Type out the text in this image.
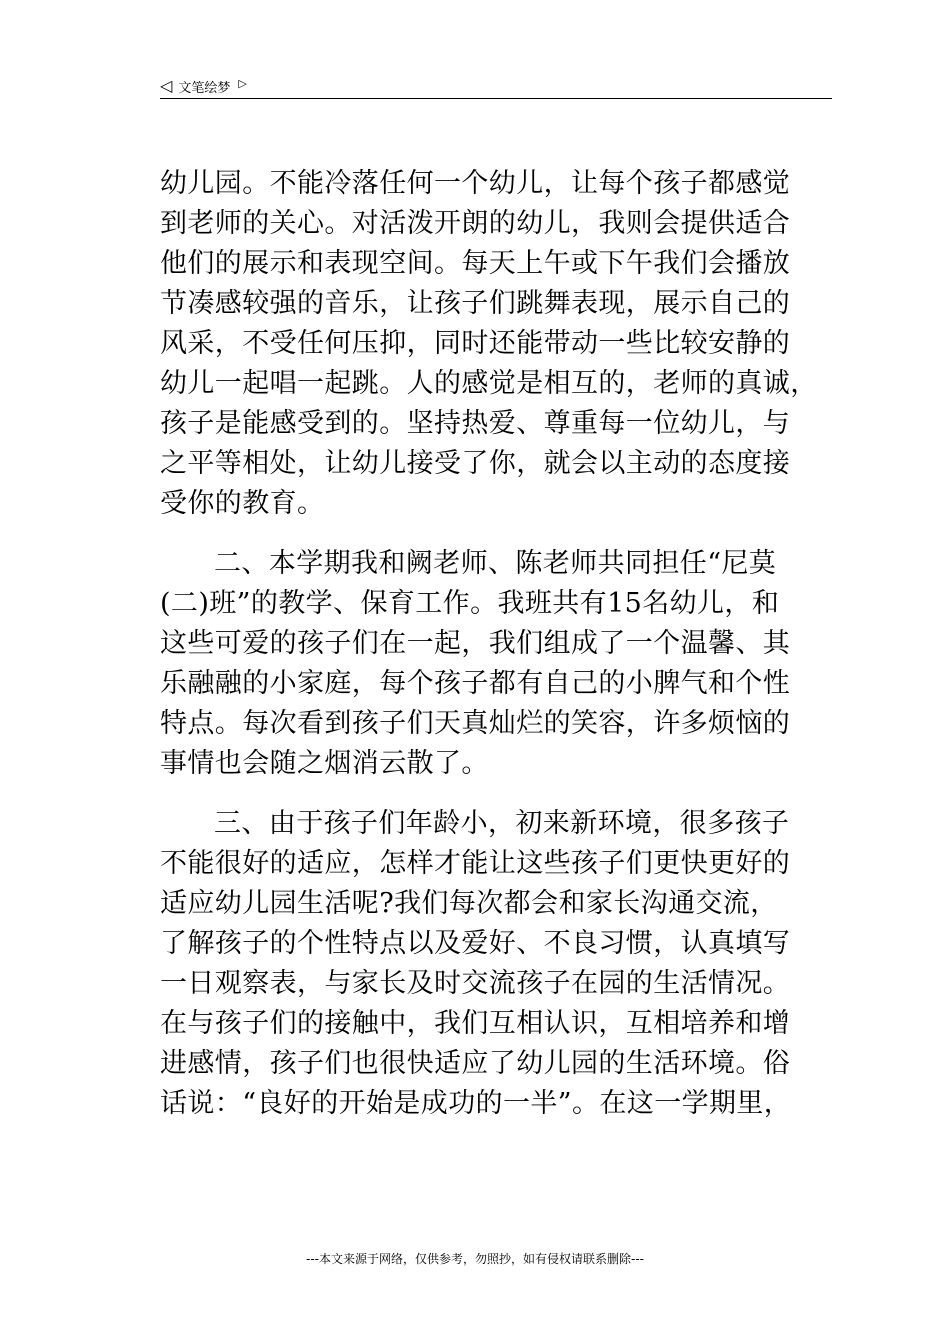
◁ 文笔绘梦 ▷
幼儿园。不能冷落任何一个幼儿，让每个孩子都感觉
到老师的关心。对活泼开朗的幼儿，我则会提供适合
他们的展示和表现空间。每天上午或下午我们会播放
节凑感较强的音乐，让孩子们跳舞表现，展示自己的
风采，不受任何压抑，同时还能带动一些比较安静的
幼儿一起唱一起跳。人的感觉是相互的，老师的真诚，
孩子是能感受到的。坚持热爱、尊重每一位幼儿，与
之平等相处，让幼儿接受了你，就会以主动的态度接
受你的教育。
二、本学期我和阙老师、陈老师共同担任“尼莫
(二)班”的教学、保育工作。我班共有15名幼儿，和
这些可爱的孩子们在一起，我们组成了一个温馨、其
乐融融的小家庭，每个孩子都有自己的小脾气和个性
特点。每次看到孩子们天真灿烂的笑容，许多烦恼的
事情也会随之烟消云散了。
三、由于孩子们年龄小，初来新环境，很多孩子
不能很好的适应，怎样才能让这些孩子们更快更好的
适应幼儿园生活呢?我们每次都会和家长沟通交流，
了解孩子的个性特点以及爱好、不良习惯，认真填写
一日观察表，与家长及时交流孩子在园的生活情况。
在与孩子们的接触中，我们互相认识，互相培养和增
进感情，孩子们也很快适应了幼儿园的生活环境。俗
话说：“良好的开始是成功的一半”。在这一学期里，
---本文来源于网络，仅供参考，勿照抄，如有侵权请联系删除---
